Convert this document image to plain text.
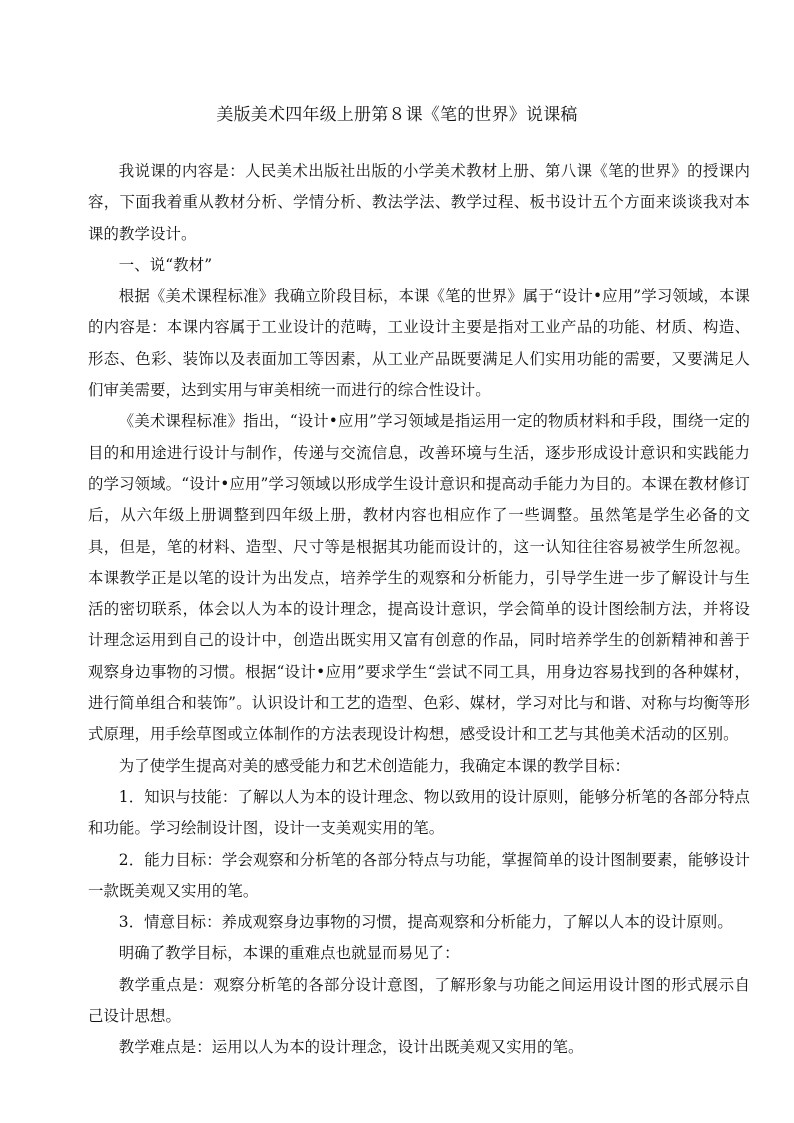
美版美术四年级上册第８课《笔的世界》说课稿

我说课的内容是：人民美术出版社出版的小学美术教材上册、第八课《笔的世界》的授课内容，下面我着重从教材分析、学情分析、教法学法、教学过程、板书设计五个方面来谈谈我对本课的教学设计。

一、说“教材”

根据《美术课程标准》我确立阶段目标，本课《笔的世界》属于“设计•应用”学习领域，本课的内容是：本课内容属于工业设计的范畴，工业设计主要是指对工业产品的功能、材质、构造、形态、色彩、装饰以及表面加工等因素，从工业产品既要满足人们实用功能的需要，又要满足人们审美需要，达到实用与审美相统一而进行的综合性设计。

《美术课程标准》指出，“设计•应用”学习领域是指运用一定的物质材料和手段，围绕一定的目的和用途进行设计与制作，传递与交流信息，改善环境与生活，逐步形成设计意识和实践能力的学习领域。“设计•应用”学习领域以形成学生设计意识和提高动手能力为目的。本课在教材修订后，从六年级上册调整到四年级上册，教材内容也相应作了一些调整。虽然笔是学生必备的文具，但是，笔的材料、造型、尺寸等是根据其功能而设计的，这一认知往往容易被学生所忽视。本课教学正是以笔的设计为出发点，培养学生的观察和分析能力，引导学生进一步了解设计与生活的密切联系，体会以人为本的设计理念，提高设计意识，学会简单的设计图绘制方法，并将设计理念运用到自己的设计中，创造出既实用又富有创意的作品，同时培养学生的创新精神和善于观察身边事物的习惯。根据“设计•应用”要求学生“尝试不同工具，用身边容易找到的各种媒材，进行简单组合和装饰”。认识设计和工艺的造型、色彩、媒材，学习对比与和谐、对称与均衡等形式原理，用手绘草图或立体制作的方法表现设计构想，感受设计和工艺与其他美术活动的区别。

为了使学生提高对美的感受能力和艺术创造能力，我确定本课的教学目标：

1．知识与技能：了解以人为本的设计理念、物以致用的设计原则，能够分析笔的各部分特点和功能。学习绘制设计图，设计一支美观实用的笔。

2．能力目标：学会观察和分析笔的各部分特点与功能，掌握简单的设计图制要素，能够设计一款既美观又实用的笔。

3．情意目标：养成观察身边事物的习惯，提高观察和分析能力，了解以人本的设计原则。

明确了教学目标，本课的重难点也就显而易见了：

教学重点是：观察分析笔的各部分设计意图，了解形象与功能之间运用设计图的形式展示自己设计思想。

教学难点是：运用以人为本的设计理念，设计出既美观又实用的笔。
